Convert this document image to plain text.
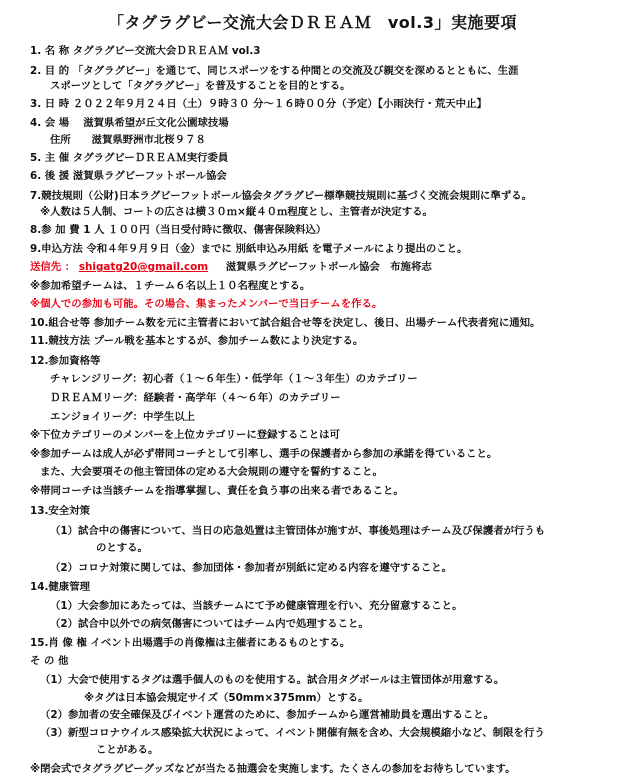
「タグラグビー交流大会ＤＲＥＡＭ　vol.3」実施要項
1. 名 称 タグラグビー交流大会ＤＲＥＡＭ vol.3
2. 目 的 「タグラグビー」を通じて、同じスポーツをする仲間との交流及び親交を深めるとともに、生涯
スポーツとして「タグラグビー」を普及することを目的とする。
3. 日 時 ２０２２年９月２４日（土）９時３０ 分～１６時００分（予定）【小雨決行・荒天中止】
4. 会 場　 滋賀県希望が丘文化公園球技場
住所　　滋賀県野洲市北桜９７８
5. 主 催 タグラグビーＤＲＥＡＭ実行委員
6. 後 援 滋賀県ラグビーフットボール協会
7.競技規則（公財)日本ラグビーフットボール協会タグラグビー標準競技規則に基づく交流会規則に準ずる。
※人数は５人制、コートの広さは横３０ｍ×縦４０ｍ程度とし、主管者が決定する。
8.参 加 費 1 人 １００円（当日受付時に徴収、傷害保険料込）
9.申込方法 令和４年９月９日（金）までに 別紙申込み用紙 を電子メールにより提出のこと。
送信先 ： shigatg20@gmail.com 　 滋賀県ラグビーフットボール協会　布施将志
※参加希望チームは、１チーム６名以上１０名程度とする。
※個人での参加も可能。その場合、集まったメンバーで当日チームを作る。
10.組合せ等 参加チーム数を元に主管者において試合組合せ等を決定し、後日、出場チーム代表者宛に通知。
11.競技方法 プール戦を基本とするが、参加チーム数により決定する。
12.参加資格等
チャレンジリーグ：初心者（１～６年生）・低学年（１～３年生）のカテゴリー
ＤＲＥＡＭリーグ：経験者・高学年（４～６年）のカテゴリー
エンジョイリーグ：中学生以上
※下位カテゴリーのメンバーを上位カテゴリーに登録することは可
※参加チームは成人が必ず帯同コーチとして引率し、選手の保護者から参加の承諾を得ていること。
また、大会要項その他主管団体の定める大会規則の遵守を誓約すること。
※帯同コーチは当該チームを指導掌握し、責任を負う事の出来る者であること。
13.安全対策
（1）試合中の傷害について、当日の応急処置は主管団体が施すが、事後処理はチーム及び保護者が行うも
のとする。
（2）コロナ対策に関しては、参加団体・参加者が別紙に定める内容を遵守すること。
14.健康管理
（1）大会参加にあたっては、当該チームにて予め健康管理を行い、充分留意すること。
（2）試合中以外での病気傷害についてはチーム内で処理すること。
15.肖 像 権 イベント出場選手の肖像権は主催者にあるものとする。
そ の 他
（1）大会で使用するタグは選手個人のものを使用する。試合用タグボールは主管団体が用意する。
※タグは日本協会規定サイズ（50mm×375mm）とする。
（2）参加者の安全確保及びイベント運営のために、参加チームから運営補助員を選出すること。
（3）新型コロナウイルス感染拡大状況によって、イベント開催有無を含め、大会規模縮小など、制限を行う
ことがある。
※閉会式でタグラグビーグッズなどが当たる抽選会を実施します。たくさんの参加をお待ちしています。
